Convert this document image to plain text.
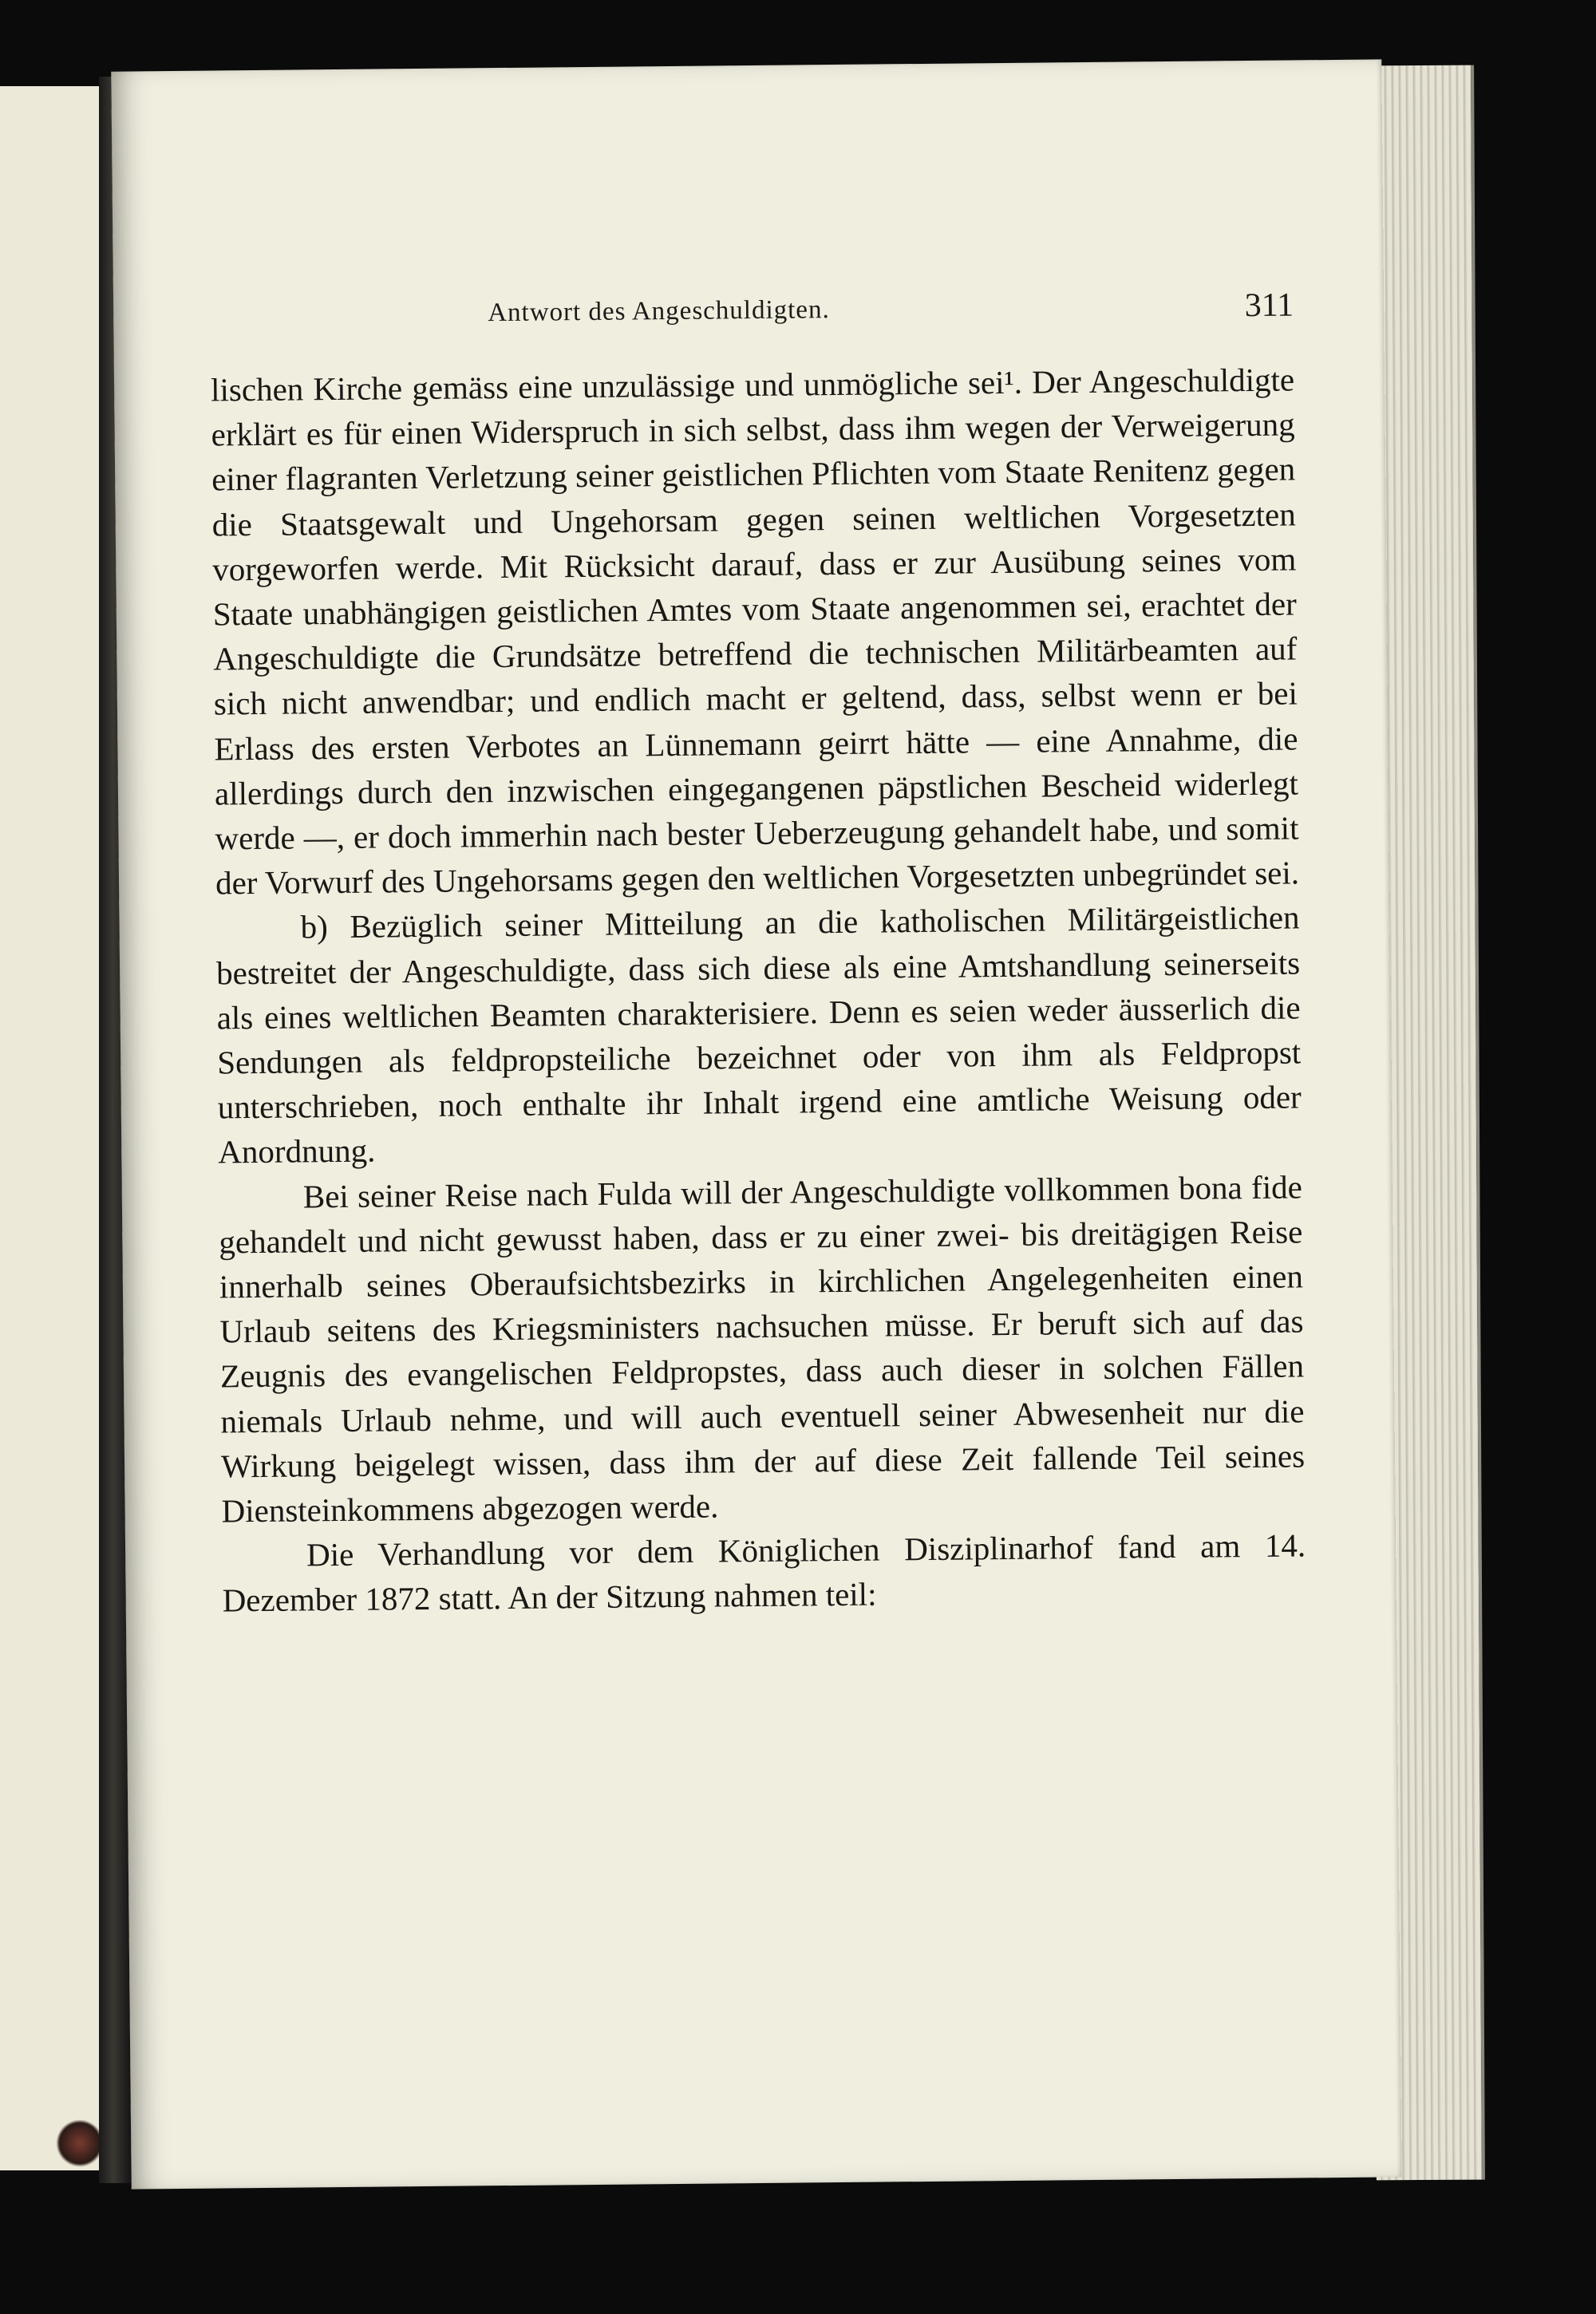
Antwort des Angeschuldigten.	311

lischen Kirche gemäss eine unzulässige und unmögliche sei¹. Der Angeschuldigte erklärt es für einen Widerspruch in sich selbst, dass ihm wegen der Verweigerung einer flagranten Verletzung seiner geistlichen Pflichten vom Staate Renitenz gegen die Staatsgewalt und Ungehorsam gegen seinen weltlichen Vorgesetzten vorgeworfen werde. Mit Rücksicht darauf, dass er zur Ausübung seines vom Staate unabhängigen geistlichen Amtes vom Staate angenommen sei, erachtet der Angeschuldigte die Grundsätze betreffend die technischen Militärbeamten auf sich nicht anwendbar; und endlich macht er geltend, dass, selbst wenn er bei Erlass des ersten Verbotes an Lünnemann geirrt hätte — eine Annahme, die allerdings durch den inzwischen eingegangenen päpstlichen Bescheid widerlegt werde —, er doch immerhin nach bester Ueberzeugung gehandelt habe, und somit der Vorwurf des Ungehorsams gegen den weltlichen Vorgesetzten unbegründet sei.

b) Bezüglich seiner Mitteilung an die katholischen Militärgeistlichen bestreitet der Angeschuldigte, dass sich diese als eine Amtshandlung seinerseits als eines weltlichen Beamten charakterisiere. Denn es seien weder äusserlich die Sendungen als feldpropsteiliche bezeichnet oder von ihm als Feldpropst unterschrieben, noch enthalte ihr Inhalt irgend eine amtliche Weisung oder Anordnung.

Bei seiner Reise nach Fulda will der Angeschuldigte vollkommen bona fide gehandelt und nicht gewusst haben, dass er zu einer zwei- bis dreitägigen Reise innerhalb seines Oberaufsichtsbezirks in kirchlichen Angelegenheiten einen Urlaub seitens des Kriegsministers nachsuchen müsse. Er beruft sich auf das Zeugnis des evangelischen Feldpropstes, dass auch dieser in solchen Fällen niemals Urlaub nehme, und will auch eventuell seiner Abwesenheit nur die Wirkung beigelegt wissen, dass ihm der auf diese Zeit fallende Teil seines Diensteinkommens abgezogen werde.

Die Verhandlung vor dem Königlichen Disziplinarhof fand am 14. Dezember 1872 statt. An der Sitzung nahmen teil:
